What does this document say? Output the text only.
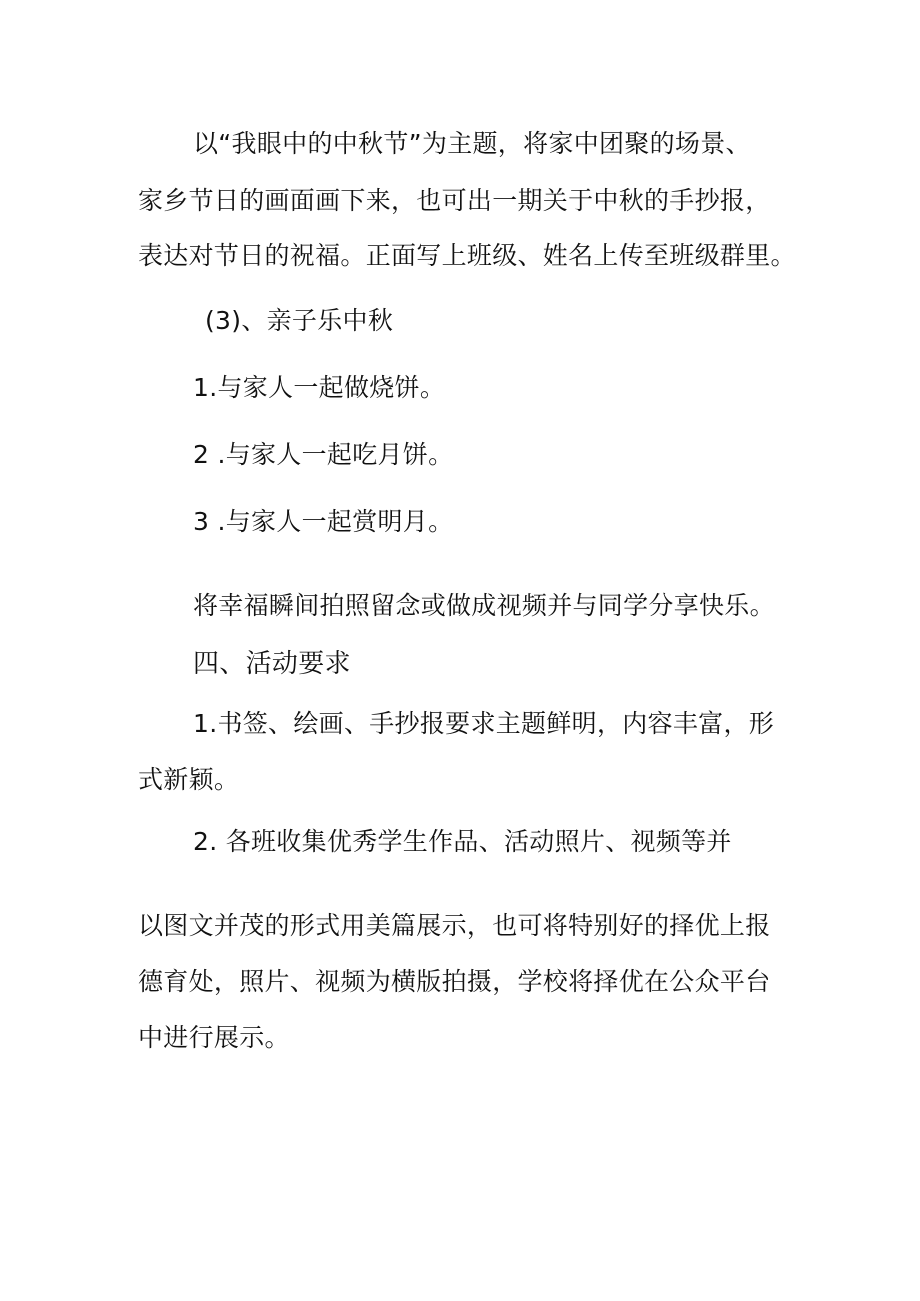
以“我眼中的中秋节”为主题，将家中团聚的场景、
家乡节日的画面画下来，也可出一期关于中秋的手抄报，
表达对节日的祝福。正面写上班级、姓名上传至班级群里。
(3)、亲子乐中秋
1.与家人一起做烧饼。
2 .与家人一起吃月饼。
3 .与家人一起赏明月。
将幸福瞬间拍照留念或做成视频并与同学分享快乐。
四、活动要求
1.书签、绘画、手抄报要求主题鲜明，内容丰富，形
式新颖。
2. 各班收集优秀学生作品、活动照片、视频等并
以图文并茂的形式用美篇展示，也可将特别好的择优上报
德育处，照片、视频为横版拍摄，学校将择优在公众平台
中进行展示。
